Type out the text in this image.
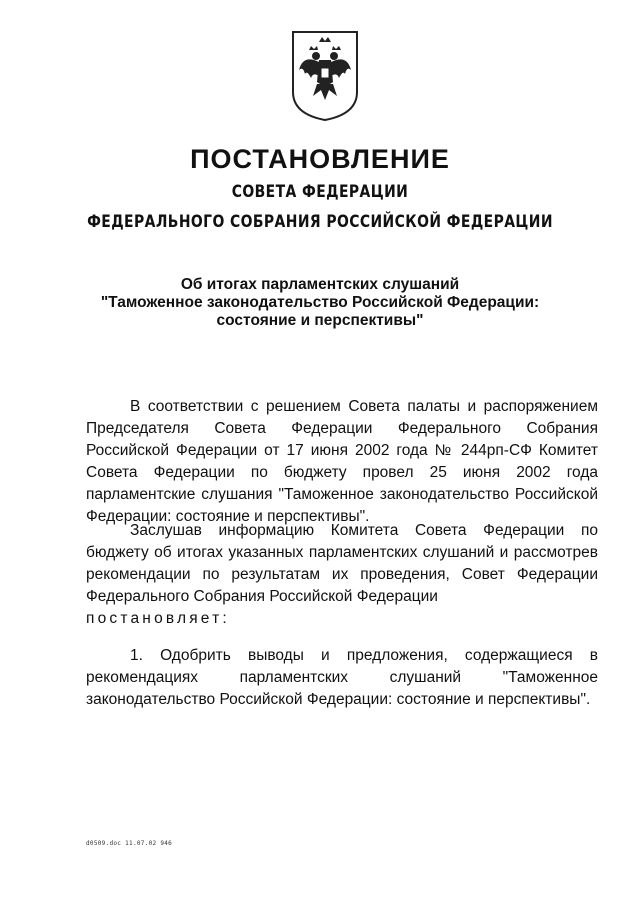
ПОСТАНОВЛЕНИЕ
СОВЕТА ФЕДЕРАЦИИ
ФЕДЕРАЛЬНОГО СОБРАНИЯ РОССИЙСКОЙ ФЕДЕРАЦИИ
Об итогах парламентских слушаний
"Таможенное законодательство Российской Федерации:
состояние и перспективы"

В соответствии с решением Совета палаты и распоряжением Председателя Совета Федерации Федерального Собрания Российской Федерации от 17 июня 2002 года № 244рп-СФ Комитет Совета Федерации по бюджету провел 25 июня 2002 года парламентские слушания "Таможенное законодательство Российской Федерации: состояние и перспективы".

Заслушав информацию Комитета Совета Федерации по бюджету об итогах указанных парламентских слушаний и рассмотрев рекомендации по результатам их проведения, Совет Федерации Федерального Собрания Российской Федерации
постановляет:

1. Одобрить выводы и предложения, содержащиеся в рекомендациях парламентских слушаний "Таможенное законодательство Российской Федерации: состояние и перспективы".

d0509.doc 11.07.02 946
